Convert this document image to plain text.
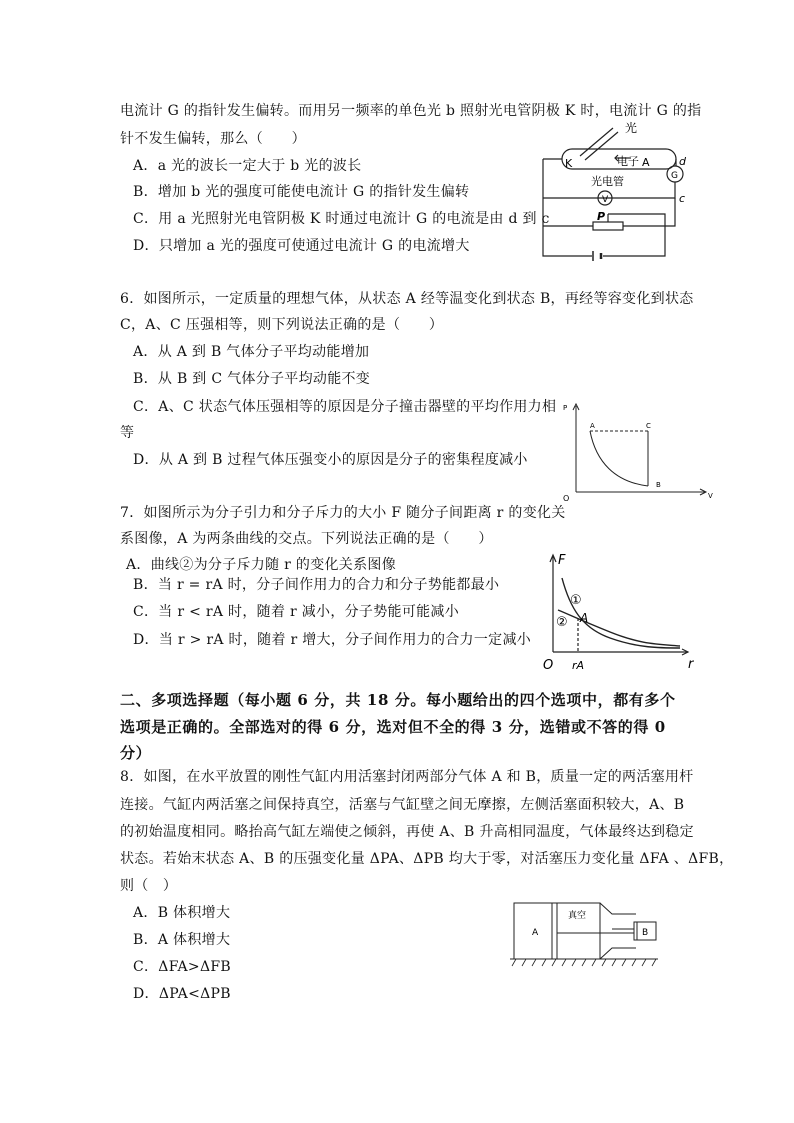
电流计 G 的指针发生偏转。而用另一频率的单色光 b 照射光电管阴极 K 时，电流计 G 的指
针不发生偏转，那么（　　）
A．a 光的波长一定大于 b 光的波长
B．增加 b 光的强度可能使电流计 G 的指针发生偏转
C．用 a 光照射光电管阴极 K 时通过电流计 G 的电流是由 d 到 c
D．只增加 a 光的强度可使通过电流计 G 的电流增大
光
K	电子 A
光电管
d
c
G
V
P
6．如图所示，一定质量的理想气体，从状态 A 经等温变化到状态 B，再经等容变化到状态
C，A、C 压强相等，则下列说法正确的是（　　）
A．从 A 到 B 气体分子平均动能增加
B．从 B 到 C 气体分子平均动能不变
C．A、C 状态气体压强相等的原因是分子撞击器壁的平均作用力相
等
D．从 A 到 B 过程气体压强变小的原因是分子的密集程度减小
P
V
O
A	C
B
7．如图所示为分子引力和分子斥力的大小 F 随分子间距离 r 的变化关
系图像，A 为两条曲线的交点。下列说法正确的是（　　）
A．曲线②为分子斥力随 r 的变化关系图像
B．当 r = rA 时，分子间作用力的合力和分子势能都最小
C．当 r < rA 时，随着 r 减小，分子势能可能减小
D．当 r > rA 时，随着 r 增大，分子间作用力的合力一定减小
F
r
O rA
A
①
②
二、多项选择题（每小题 6 分，共 18 分。每小题给出的四个选项中，都有多个
选项是正确的。全部选对的得 6 分，选对但不全的得 3 分，选错或不答的得 0
分）
8．如图，在水平放置的刚性气缸内用活塞封闭两部分气体 A 和 B，质量一定的两活塞用杆
连接。气缸内两活塞之间保持真空，活塞与气缸壁之间无摩擦，左侧活塞面积较大，A、B
的初始温度相同。略抬高气缸左端使之倾斜，再使 A、B 升高相同温度，气体最终达到稳定
状态。若始末状态 A、B 的压强变化量 ΔPA、ΔPB 均大于零，对活塞压力变化量 ΔFA 、ΔFB，
则（　）
A．B 体积增大
B．A 体积增大
C．ΔFA>ΔFB
D．ΔPA<ΔPB
A
真空
B
